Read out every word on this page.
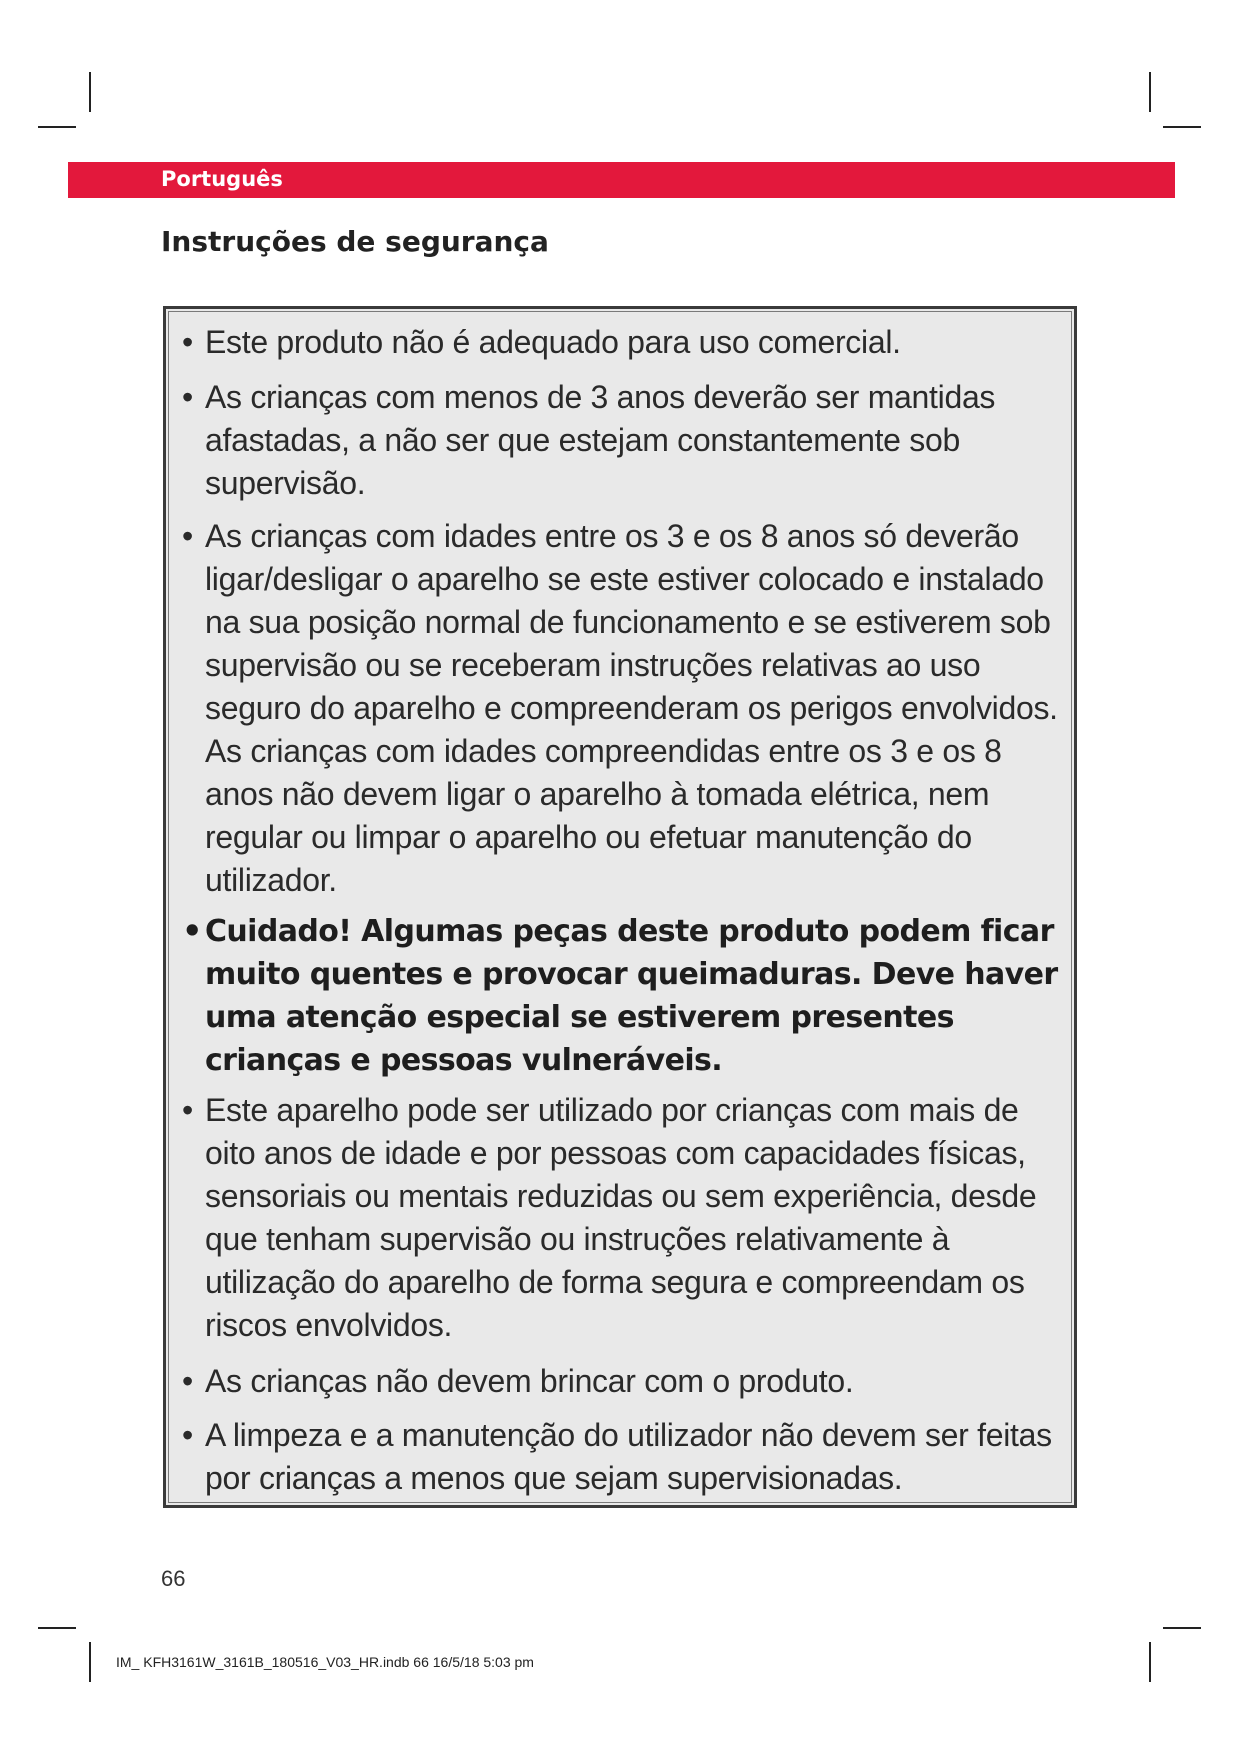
Português
Instruções de segurança
• Este produto não é adequado para uso comercial.
• As crianças com menos de 3 anos deverão ser mantidas afastadas, a não ser que estejam constantemente sob supervisão.
• As crianças com idades entre os 3 e os 8 anos só deverão ligar/desligar o aparelho se este estiver colocado e instalado na sua posição normal de funcionamento e se estiverem sob supervisão ou se receberam instruções relativas ao uso seguro do aparelho e compreenderam os perigos envolvidos. As crianças com idades compreendidas entre os 3 e os 8 anos não devem ligar o aparelho à tomada elétrica, nem regular ou limpar o aparelho ou efetuar manutenção do utilizador.
• Cuidado! Algumas peças deste produto podem ficar muito quentes e provocar queimaduras. Deve haver uma atenção especial se estiverem presentes crianças e pessoas vulneráveis.
• Este aparelho pode ser utilizado por crianças com mais de oito anos de idade e por pessoas com capacidades físicas, sensoriais ou mentais reduzidas ou sem experiência, desde que tenham supervisão ou instruções relativamente à utilização do aparelho de forma segura e compreendam os riscos envolvidos.
• As crianças não devem brincar com o produto.
• A limpeza e a manutenção do utilizador não devem ser feitas por crianças a menos que sejam supervisionadas.
66
IM_ KFH3161W_3161B_180516_V03_HR.indb 66 16/5/18 5:03 pm
